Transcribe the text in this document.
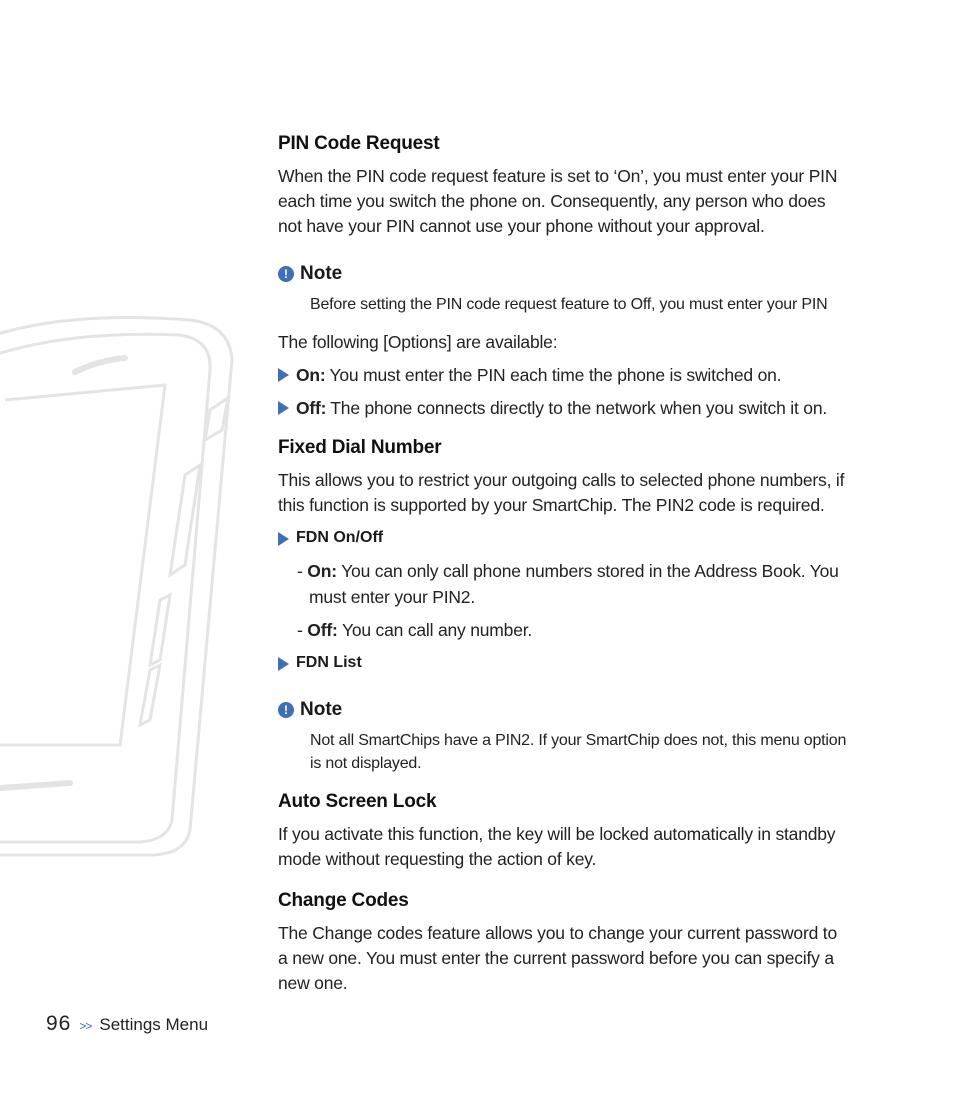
PIN Code Request

When the PIN code request feature is set to ‘On’, you must enter your PIN each time you switch the phone on. Consequently, any person who does not have your PIN cannot use your phone without your approval.

! Note

Before setting the PIN code request feature to Off, you must enter your PIN

The following [Options] are available:

On: You must enter the PIN each time the phone is switched on.
Off: The phone connects directly to the network when you switch it on.
Fixed Dial Number

This allows you to restrict your outgoing calls to selected phone numbers, if this function is supported by your SmartChip. The PIN2 code is required.

FDN On/Off
- On: You can only call phone numbers stored in the Address Book. You must enter your PIN2.
- Off: You can call any number.
FDN List
! Note

Not all SmartChips have a PIN2. If your SmartChip does not, this menu option is not displayed.

Auto Screen Lock

If you activate this function, the key will be locked automatically in standby mode without requesting the action of key.

Change Codes

The Change codes feature allows you to change your current password to a new one. You must enter the current password before you can specify a new one.

96 >> Settings Menu
